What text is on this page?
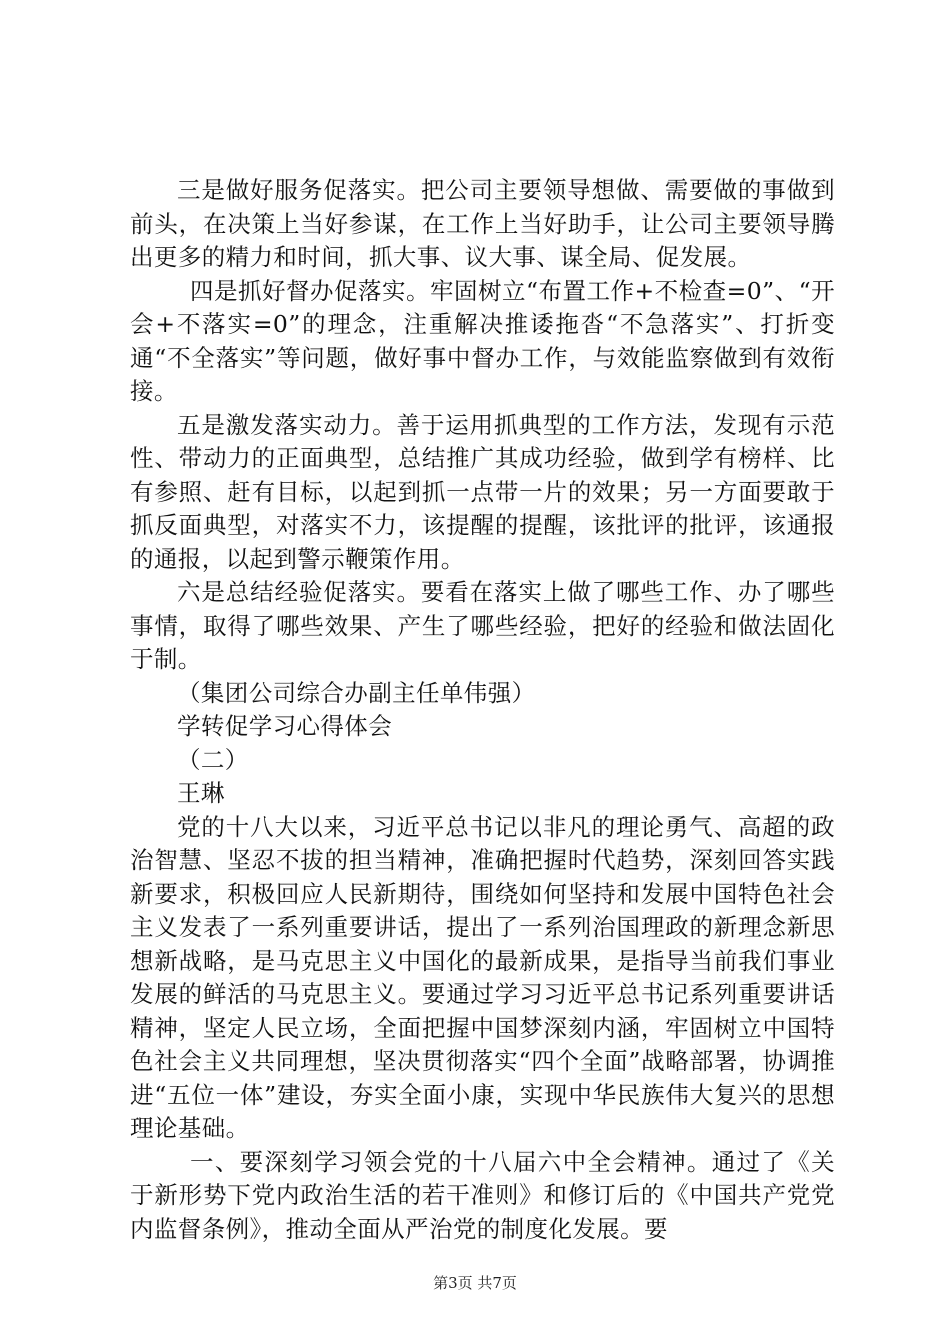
三是做好服务促落实。把公司主要领导想做、需要做的事做到前头，在决策上当好参谋，在工作上当好助手，让公司主要领导腾出更多的精力和时间，抓大事、议大事、谋全局、促发展。

四是抓好督办促落实。牢固树立“布置工作+不检查=0”、“开会+不落实=0”的理念，注重解决推诿拖沓“不急落实”、打折变通“不全落实”等问题，做好事中督办工作，与效能监察做到有效衔接。

五是激发落实动力。善于运用抓典型的工作方法，发现有示范性、带动力的正面典型，总结推广其成功经验，做到学有榜样、比有参照、赶有目标，以起到抓一点带一片的效果；另一方面要敢于抓反面典型，对落实不力，该提醒的提醒，该批评的批评，该通报的通报，以起到警示鞭策作用。

六是总结经验促落实。要看在落实上做了哪些工作、办了哪些事情，取得了哪些效果、产生了哪些经验，把好的经验和做法固化于制。

（集团公司综合办副主任单伟强）

学转促学习心得体会

（二）

王琳

党的十八大以来，习近平总书记以非凡的理论勇气、高超的政治智慧、坚忍不拔的担当精神，准确把握时代趋势，深刻回答实践新要求，积极回应人民新期待，围绕如何坚持和发展中国特色社会主义发表了一系列重要讲话，提出了一系列治国理政的新理念新思想新战略，是马克思主义中国化的最新成果，是指导当前我们事业发展的鲜活的马克思主义。要通过学习习近平总书记系列重要讲话精神，坚定人民立场，全面把握中国梦深刻内涵，牢固树立中国特色社会主义共同理想，坚决贯彻落实“四个全面”战略部署，协调推进“五位一体”建设，夯实全面小康，实现中华民族伟大复兴的思想理论基础。

一、要深刻学习领会党的十八届六中全会精神。通过了《关于新形势下党内政治生活的若干准则》和修订后的《中国共产党党内监督条例》，推动全面从严治党的制度化发展。要

第3页 共7页
